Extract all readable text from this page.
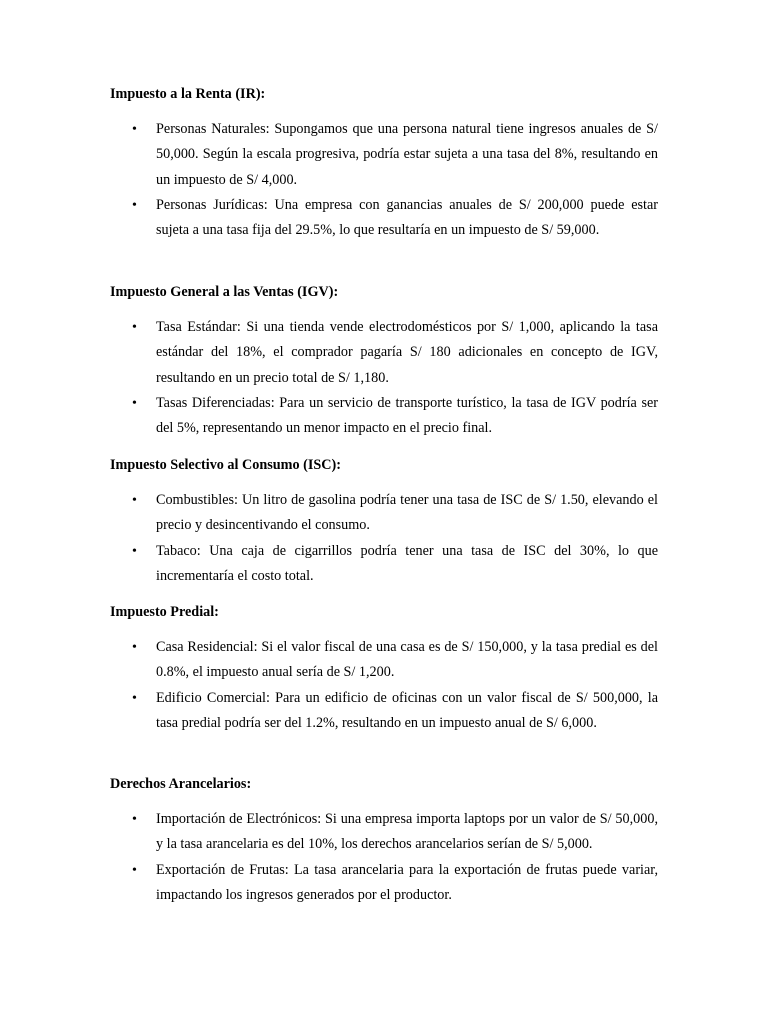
Impuesto a la Renta (IR):

• Personas Naturales: Supongamos que una persona natural tiene ingresos anuales de S/ 50,000. Según la escala progresiva, podría estar sujeta a una tasa del 8%, resultando en un impuesto de S/ 4,000.
• Personas Jurídicas: Una empresa con ganancias anuales de S/ 200,000 puede estar sujeta a una tasa fija del 29.5%, lo que resultaría en un impuesto de S/ 59,000.

Impuesto General a las Ventas (IGV):

• Tasa Estándar: Si una tienda vende electrodomésticos por S/ 1,000, aplicando la tasa estándar del 18%, el comprador pagaría S/ 180 adicionales en concepto de IGV, resultando en un precio total de S/ 1,180.
• Tasas Diferenciadas: Para un servicio de transporte turístico, la tasa de IGV podría ser del 5%, representando un menor impacto en el precio final.

Impuesto Selectivo al Consumo (ISC):

• Combustibles: Un litro de gasolina podría tener una tasa de ISC de S/ 1.50, elevando el precio y desincentivando el consumo.
• Tabaco: Una caja de cigarrillos podría tener una tasa de ISC del 30%, lo que incrementaría el costo total.

Impuesto Predial:

• Casa Residencial: Si el valor fiscal de una casa es de S/ 150,000, y la tasa predial es del 0.8%, el impuesto anual sería de S/ 1,200.
• Edificio Comercial: Para un edificio de oficinas con un valor fiscal de S/ 500,000, la tasa predial podría ser del 1.2%, resultando en un impuesto anual de S/ 6,000.

Derechos Arancelarios:

• Importación de Electrónicos: Si una empresa importa laptops por un valor de S/ 50,000, y la tasa arancelaria es del 10%, los derechos arancelarios serían de S/ 5,000.
• Exportación de Frutas: La tasa arancelaria para la exportación de frutas puede variar, impactando los ingresos generados por el productor.
